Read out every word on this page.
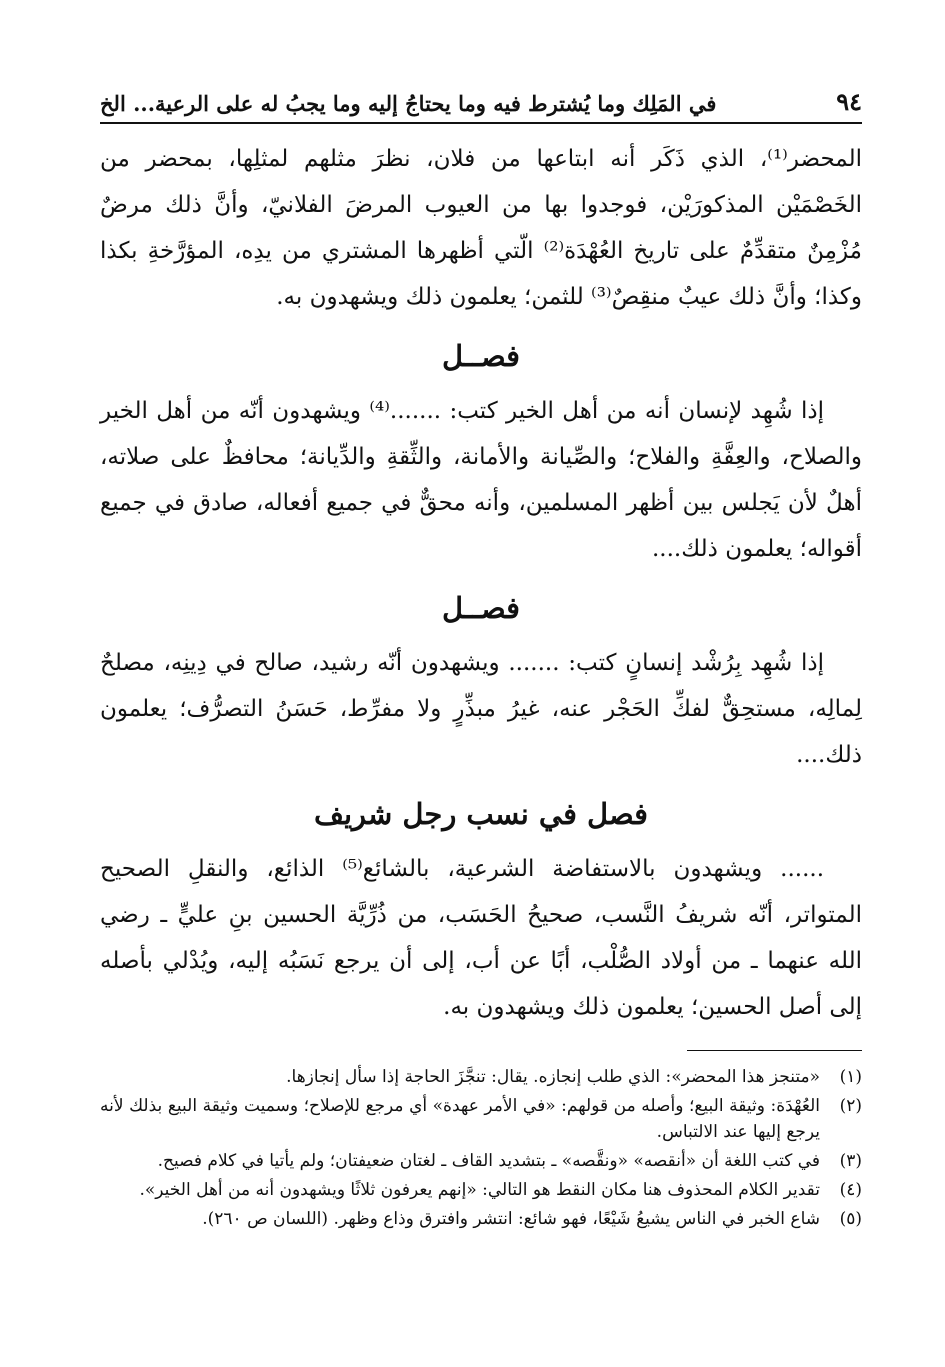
٩٤
في المَلِك وما يُشترط فيه وما يحتاجُ إليه وما يجبُ له على الرعية... الخ

المحضر⁽¹⁾، الذي ذَكَر أنه ابتاعها من فلان، نظرَ مثلهم لمثلِها، بمحضر من الخَصْمَيْن المذكورَيْن، فوجدوا بها من العيوب المرضَ الفلانيّ، وأنَّ ذلك مرضٌ مُزْمِنٌ متقدِّمٌ على تاريخ العُهْدَة⁽²⁾ الّتي أظهرها المشتري من يدِه، المؤرَّخةِ بكذا وكذا؛ وأنَّ ذلك عيبٌ منقِصٌ⁽³⁾ للثمن؛ يعلمون ذلك ويشهدون به.

فصــل

إذا شُهِد لإنسان أنه من أهل الخير كتب: .......⁽⁴⁾ ويشهدون أنّه من أهل الخير والصلاح، والعِفَّةِ والفلاح؛ والصِّيانة والأمانة، والثِّقةِ والدِّيانة؛ محافظٌ على صلاته، أهلٌ لأن يَجلس بين أظهر المسلمين، وأنه محقٌّ في جميع أفعاله، صادق في جميع أقواله؛ يعلمون ذلك....

فصــل

إذا شُهِد بِرُشْد إنسانٍ كتب: ....... ويشهدون أنّه رشيد، صالح في دِينِه، مصلحٌ لِمالِه، مستحِقٌّ لفكِّ الحَجْر عنه، غيرُ مبذِّرٍ ولا مفرِّط، حَسَنُ التصرُّف؛ يعلمون ذلك....

فصل في نسب رجل شريف

...... ويشهدون بالاستفاضة الشرعية، بالشائع⁽⁵⁾ الذائع، والنقلِ الصحيح المتواتر، أنّه شريفُ النَّسب، صحيحُ الحَسَب، من ذُرِّيَّة الحسين بنِ عليٍّ ـ رضي الله عنهما ـ من أولاد الصُّلْب، أبًا عن أب، إلى أن يرجع نَسَبُه إليه، ويُدْلي بأصله إلى أصل الحسين؛ يعلمون ذلك ويشهدون به.

(١)
«متنجز هذا المحضر»: الذي طلب إنجازه. يقال: تنجَّزَ الحاجة إذا سأل إنجازها.
(٢)
العُهْدَة: وثيقة البيع؛ وأصله من قولهم: «في الأمر عهدة» أي مرجع للإصلاح؛ وسميت وثيقة البيع بذلك لأنه يرجع إليها عند الالتباس.
(٣)
في كتب اللغة أن «أنقصه» «ونقَّصه» ـ بتشديد القاف ـ لغتان ضعيفتان؛ ولم يأتيا في كلام فصيح.
(٤)
تقدير الكلام المحذوف هنا مكان النقط هو التالي: «إنهم يعرفون ثلاثًا ويشهدون أنه من أهل الخير».
(٥)
شاع الخبر في الناس يشيعُ شَيْعًا، فهو شائع: انتشر وافترق وذاع وظهر. (اللسان ص ٢٦٠).
